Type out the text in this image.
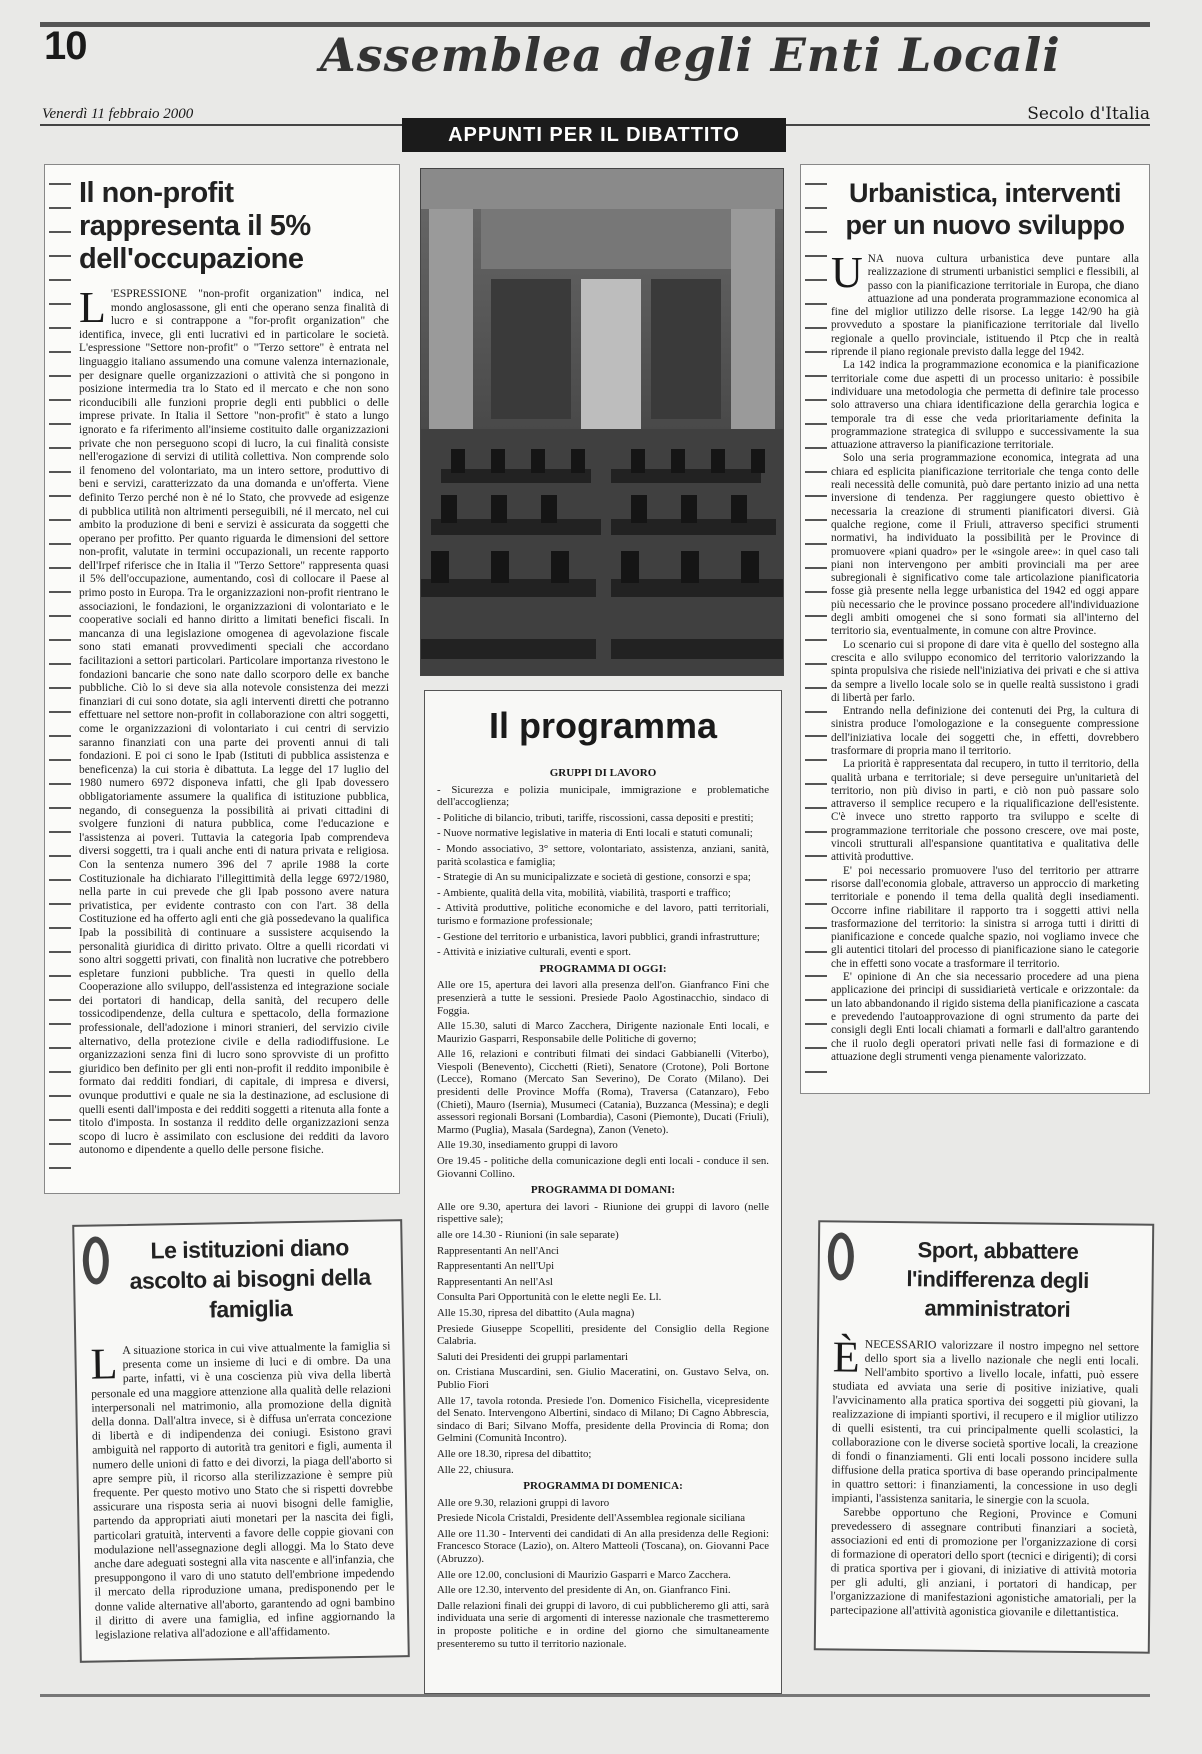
10	Assemblea degli Enti Locali
Venerdì 11 febbraio 2000	Secolo d'Italia
APPUNTI PER IL DIBATTITO
Il non-profit rappresenta il 5% dell'occupazione
L 'ESPRESSIONE "non-profit organization" indica, nel mondo anglosassone, gli enti che operano senza finalità di lucro e si contrappone a "for-profit organization" che identifica, invece, gli enti lucrativi ed in particolare le società. L'espressione "Settore non-profit" o "Terzo settore" è entrata nel linguaggio italiano assumendo una comune valenza internazionale, per designare quelle organizzazioni o attività che si pongono in posizione intermedia tra lo Stato ed il mercato e che non sono riconducibili alle funzioni proprie degli enti pubblici o delle imprese private. In Italia il Settore "non-profit" è stato a lungo ignorato e fa riferimento all'insieme costituito dalle organizzazioni private che non perseguono scopi di lucro, la cui finalità consiste nell'erogazione di servizi di utilità collettiva. Non comprende solo il fenomeno del volontariato, ma un intero settore, produttivo di beni e servizi, caratterizzato da una domanda e un'offerta. Viene definito Terzo perché non è né lo Stato, che provvede ad esigenze di pubblica utilità non altrimenti perseguibili, né il mercato, nel cui ambito la produzione di beni e servizi è assicurata da soggetti che operano per profitto. Per quanto riguarda le dimensioni del settore non-profit, valutate in termini occupazionali, un recente rapporto dell'Irpef riferisce che in Italia il "Terzo Settore" rappresenta quasi il 5% dell'occupazione, aumentando, così di collocare il Paese al primo posto in Europa. Tra le organizzazioni non-profit rientrano le associazioni, le fondazioni, le organizzazioni di volontariato e le cooperative sociali ed hanno diritto a limitati benefici fiscali. In mancanza di una legislazione omogenea di agevolazione fiscale sono stati emanati provvedimenti speciali che accordano facilitazioni a settori particolari. Particolare importanza rivestono le fondazioni bancarie che sono nate dallo scorporo delle ex banche pubbliche. Ciò lo si deve sia alla notevole consistenza dei mezzi finanziari di cui sono dotate, sia agli interventi diretti che potranno effettuare nel settore non-profit in collaborazione con altri soggetti, come le organizzazioni di volontariato i cui centri di servizio saranno finanziati con una parte dei proventi annui di tali fondazioni. E poi ci sono le Ipab (Istituti di pubblica assistenza e beneficenza) la cui storia è dibattuta. La legge del 17 luglio del 1980 numero 6972 disponeva infatti, che gli Ipab dovessero obbligatoriamente assumere la qualifica di istituzione pubblica, negando, di conseguenza la possibilità ai privati cittadini di svolgere funzioni di natura pubblica, come l'educazione e l'assistenza ai poveri. Tuttavia la categoria Ipab comprendeva diversi soggetti, tra i quali anche enti di natura privata e religiosa. Con la sentenza numero 396 del 7 aprile 1988 la corte Costituzionale ha dichiarato l'illegittimità della legge 6972/1980, nella parte in cui prevede che gli Ipab possono avere natura privatistica, per evidente contrasto con con l'art. 38 della Costituzione ed ha offerto agli enti che già possedevano la qualifica Ipab la possibilità di continuare a sussistere acquisendo la personalità giuridica di diritto privato. Oltre a quelli ricordati vi sono altri soggetti privati, con finalità non lucrative che potrebbero espletare funzioni pubbliche. Tra questi in quello della Cooperazione allo sviluppo, dell'assistenza ed integrazione sociale dei portatori di handicap, della sanità, del recupero delle tossicodipendenze, della cultura e spettacolo, della formazione professionale, dell'adozione i minori stranieri, del servizio civile alternativo, della protezione civile e della radiodiffusione. Le organizzazioni senza fini di lucro sono sprovviste di un profitto giuridico ben definito per gli enti non-profit il reddito imponibile è formato dai redditi fondiari, di capitale, di impresa e diversi, ovunque produttivi e quale ne sia la destinazione, ad esclusione di quelli esenti dall'imposta e dei redditi soggetti a ritenuta alla fonte a titolo d'imposta. In sostanza il reddito delle organizzazioni senza scopo di lucro è assimilato con esclusione dei redditi da lavoro autonomo e dipendente a quello delle persone fisiche.
Il programma

GRUPPI DI LAVORO

- Sicurezza e polizia municipale, immigrazione e problematiche dell'accoglienza;

- Politiche di bilancio, tributi, tariffe, riscossioni, cassa depositi e prestiti;

- Nuove normative legislative in materia di Enti locali e statuti comunali;

- Mondo associativo, 3° settore, volontariato, assistenza, anziani, sanità, parità scolastica e famiglia;

- Strategie di An su municipalizzate e società di gestione, consorzi e spa;

- Ambiente, qualità della vita, mobilità, viabilità, trasporti e traffico;

- Attività produttive, politiche economiche e del lavoro, patti territoriali, turismo e formazione professionale;

- Gestione del territorio e urbanistica, lavori pubblici, grandi infrastrutture;

- Attività e iniziative culturali, eventi e sport.

PROGRAMMA DI OGGI:

Alle ore 15, apertura dei lavori alla presenza dell'on. Gianfranco Fini che presenzierà a tutte le sessioni. Presiede Paolo Agostinacchio, sindaco di Foggia.

Alle 15.30, saluti di Marco Zacchera, Dirigente nazionale Enti locali, e Maurizio Gasparri, Responsabile delle Politiche di governo;

Alle 16, relazioni e contributi filmati dei sindaci Gabbianelli (Viterbo), Viespoli (Benevento), Cicchetti (Rieti), Senatore (Crotone), Poli Bortone (Lecce), Romano (Mercato San Severino), De Corato (Milano). Dei presidenti delle Province Moffa (Roma), Traversa (Catanzaro), Febo (Chieti), Mauro (Isernia), Musumeci (Catania), Buzzanca (Messina); e degli assessori regionali Borsani (Lombardia), Casoni (Piemonte), Ducati (Friuli), Marmo (Puglia), Masala (Sardegna), Zanon (Veneto).

Alle 19.30, insediamento gruppi di lavoro

Ore 19.45 - politiche della comunicazione degli enti locali - conduce il sen. Giovanni Collino.

PROGRAMMA DI DOMANI:

Alle ore 9.30, apertura dei lavori - Riunione dei gruppi di lavoro (nelle rispettive sale);

alle ore 14.30 - Riunioni (in sale separate)

Rappresentanti An nell'Anci

Rappresentanti An nell'Upi

Rappresentanti An nell'Asl

Consulta Pari Opportunità con le elette negli Ee. Ll.

Alle 15.30, ripresa del dibattito (Aula magna)

Presiede Giuseppe Scopelliti, presidente del Consiglio della Regione Calabria.

Saluti dei Presidenti dei gruppi parlamentari

on. Cristiana Muscardini, sen. Giulio Maceratini, on. Gustavo Selva, on. Publio Fiori

Alle 17, tavola rotonda. Presiede l'on. Domenico Fisichella, vicepresidente del Senato. Intervengono Albertini, sindaco di Milano; Di Cagno Abbrescia, sindaco di Bari; Silvano Moffa, presidente della Provincia di Roma; don Gelmini (Comunità Incontro).

Alle ore 18.30, ripresa del dibattito;

Alle 22, chiusura.

PROGRAMMA DI DOMENICA:

Alle ore 9.30, relazioni gruppi di lavoro

Presiede Nicola Cristaldi, Presidente dell'Assemblea regionale siciliana

Alle ore 11.30 - Interventi dei candidati di An alla presidenza delle Regioni: Francesco Storace (Lazio), on. Altero Matteoli (Toscana), on. Giovanni Pace (Abruzzo).

Alle ore 12.00, conclusioni di Maurizio Gasparri e Marco Zacchera.

Alle ore 12.30, intervento del presidente di An, on. Gianfranco Fini.

Dalle relazioni finali dei gruppi di lavoro, di cui pubblicheremo gli atti, sarà individuata una serie di argomenti di interesse nazionale che trasmetteremo in proposte politiche e in ordine del giorno che simultaneamente presenteremo su tutto il territorio nazionale.

Urbanistica, interventi per un nuovo sviluppo
UNA nuova cultura urbanistica deve puntare alla realizzazione di strumenti urbanistici semplici e flessibili, al passo con la pianificazione territoriale in Europa, che diano attuazione ad una ponderata programmazione economica al fine del miglior utilizzo delle risorse. La legge 142/90 ha già provveduto a spostare la pianificazione territoriale dal livello regionale a quello provinciale, istituendo il Ptcp che in realtà riprende il piano regionale previsto dalla legge del 1942.
La 142 indica la programmazione economica e la pianificazione territoriale come due aspetti di un processo unitario: è possibile individuare una metodologia che permetta di definire tale processo solo attraverso una chiara identificazione della gerarchia logica e temporale tra di esse che veda prioritariamente definita la programmazione strategica di sviluppo e successivamente la sua attuazione attraverso la pianificazione territoriale.
Solo una seria programmazione economica, integrata ad una chiara ed esplicita pianificazione territoriale che tenga conto delle reali necessità delle comunità, può dare pertanto inizio ad una netta inversione di tendenza. Per raggiungere questo obiettivo è necessaria la creazione di strumenti pianificatori diversi. Già qualche regione, come il Friuli, attraverso specifici strumenti normativi, ha individuato la possibilità per le Province di promuovere «piani quadro» per le «singole aree»: in quel caso tali piani non intervengono per ambiti provinciali ma per aree subregionali è significativo come tale articolazione pianificatoria fosse già presente nella legge urbanistica del 1942 ed oggi appare più necessario che le province possano procedere all'individuazione degli ambiti omogenei che si sono formati sia all'interno del territorio sia, eventualmente, in comune con altre Province.
Lo scenario cui si propone di dare vita è quello del sostegno alla crescita e allo sviluppo economico del territorio valorizzando la spinta propulsiva che risiede nell'iniziativa dei privati e che si attiva da sempre a livello locale solo se in quelle realtà sussistono i gradi di libertà per farlo.
Entrando nella definizione dei contenuti dei Prg, la cultura di sinistra produce l'omologazione e la conseguente compressione dell'iniziativa locale dei soggetti che, in effetti, dovrebbero trasformare di propria mano il territorio.
La priorità è rappresentata dal recupero, in tutto il territorio, della qualità urbana e territoriale; si deve perseguire un'unitarietà del territorio, non più diviso in parti, e ciò non può passare solo attraverso il semplice recupero e la riqualificazione dell'esistente. C'è invece uno stretto rapporto tra sviluppo e scelte di programmazione territoriale che possono crescere, ove mai poste, vincoli strutturali all'espansione quantitativa e qualitativa delle attività produttive.
E' poi necessario promuovere l'uso del territorio per attrarre risorse dall'economia globale, attraverso un approccio di marketing territoriale e ponendo il tema della qualità degli insediamenti. Occorre infine riabilitare il rapporto tra i soggetti attivi nella trasformazione del territorio: la sinistra si arroga tutti i diritti di pianificazione e concede qualche spazio, noi vogliamo invece che gli autentici titolari del processo di pianificazione siano le categorie che in effetti sono vocate a trasformare il territorio.
E' opinione di An che sia necessario procedere ad una piena applicazione dei principi di sussidiarietà verticale e orizzontale: da un lato abbandonando il rigido sistema della pianificazione a cascata e prevedendo l'autoapprovazione di ogni strumento da parte dei consigli degli Enti locali chiamati a formarli e dall'altro garantendo che il ruolo degli operatori privati nelle fasi di formazione e di attuazione degli strumenti venga pienamente valorizzato.
Le istituzioni diano ascolto ai bisogni della famiglia
L A situazione storica in cui vive attualmente la famiglia si presenta come un insieme di luci e di ombre. Da una parte, infatti, vi è una coscienza più viva della libertà personale ed una maggiore attenzione alla qualità delle relazioni interpersonali nel matrimonio, alla promozione della dignità della donna. Dall'altra invece, si è diffusa un'errata concezione di libertà e di indipendenza dei coniugi. Esistono gravi ambiguità nel rapporto di autorità tra genitori e figli, aumenta il numero delle unioni di fatto e dei divorzi, la piaga dell'aborto si apre sempre più, il ricorso alla sterilizzazione è sempre più frequente. Per questo motivo uno Stato che si rispetti dovrebbe assicurare una risposta seria ai nuovi bisogni delle famiglie, partendo da appropriati aiuti monetari per la nascita dei figli, particolari gratuità, interventi a favore delle coppie giovani con modulazione nell'assegnazione degli alloggi. Ma lo Stato deve anche dare adeguati sostegni alla vita nascente e all'infanzia, che presuppongono il varo di uno statuto dell'embrione impedendo il mercato della riproduzione umana, predisponendo per le donne valide alternative all'aborto, garantendo ad ogni bambino il diritto di avere una famiglia, ed infine aggiornando la legislazione relativa all'adozione e all'affidamento.
Sport, abbattere l'indifferenza degli amministratori
ÈNECESSARIO valorizzare il nostro impegno nel settore dello sport sia a livello nazionale che negli enti locali. Nell'ambito sportivo a livello locale, infatti, può essere studiata ed avviata una serie di positive iniziative, quali l'avvicinamento alla pratica sportiva dei soggetti più giovani, la realizzazione di impianti sportivi, il recupero e il miglior utilizzo di quelli esistenti, tra cui principalmente quelli scolastici, la collaborazione con le diverse società sportive locali, la creazione di fondi o finanziamenti. Gli enti locali possono incidere sulla diffusione della pratica sportiva di base operando principalmente in quattro settori: i finanziamenti, la concessione in uso degli impianti, l'assistenza sanitaria, le sinergie con la scuola.
Sarebbe opportuno che Regioni, Province e Comuni prevedessero di assegnare contributi finanziari a società, associazioni ed enti di promozione per l'organizzazione di corsi di formazione di operatori dello sport (tecnici e dirigenti); di corsi di pratica sportiva per i giovani, di iniziative di attività motoria per gli adulti, gli anziani, i portatori di handicap, per l'organizzazione di manifestazioni agonistiche amatoriali, per la partecipazione all'attività agonistica giovanile e dilettantistica.
